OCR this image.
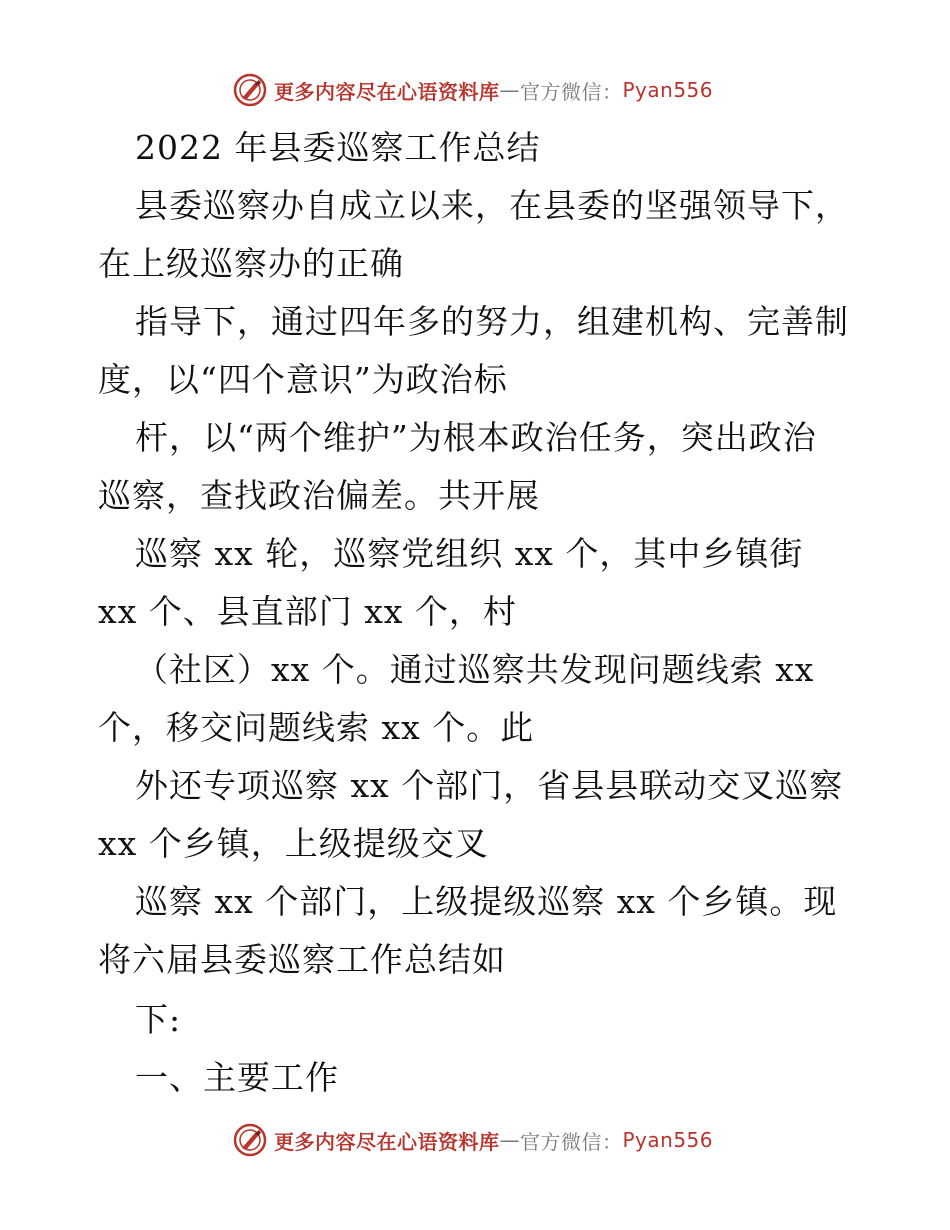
更多内容尽在心语资料库 — 官方微信： Pyan556
2022 年县委巡察工作总结
县委巡察办自成立以来，在县委的坚强领导下，
在上级巡察办的正确
指导下，通过四年多的努力，组建机构、完善制
度，以“四个意识”为政治标
杆，以“两个维护”为根本政治任务，突出政治
巡察，查找政治偏差。共开展
巡察 xx 轮，巡察党组织 xx 个，其中乡镇街
xx 个、县直部门 xx 个，村
（社区）xx 个。通过巡察共发现问题线索 xx
个，移交问题线索 xx 个。此
外还专项巡察 xx 个部门，省县县联动交叉巡察
xx 个乡镇，上级提级交叉
巡察 xx 个部门，上级提级巡察 xx 个乡镇。现
将六届县委巡察工作总结如
下:
一、主要工作
更多内容尽在心语资料库 — 官方微信： Pyan556
